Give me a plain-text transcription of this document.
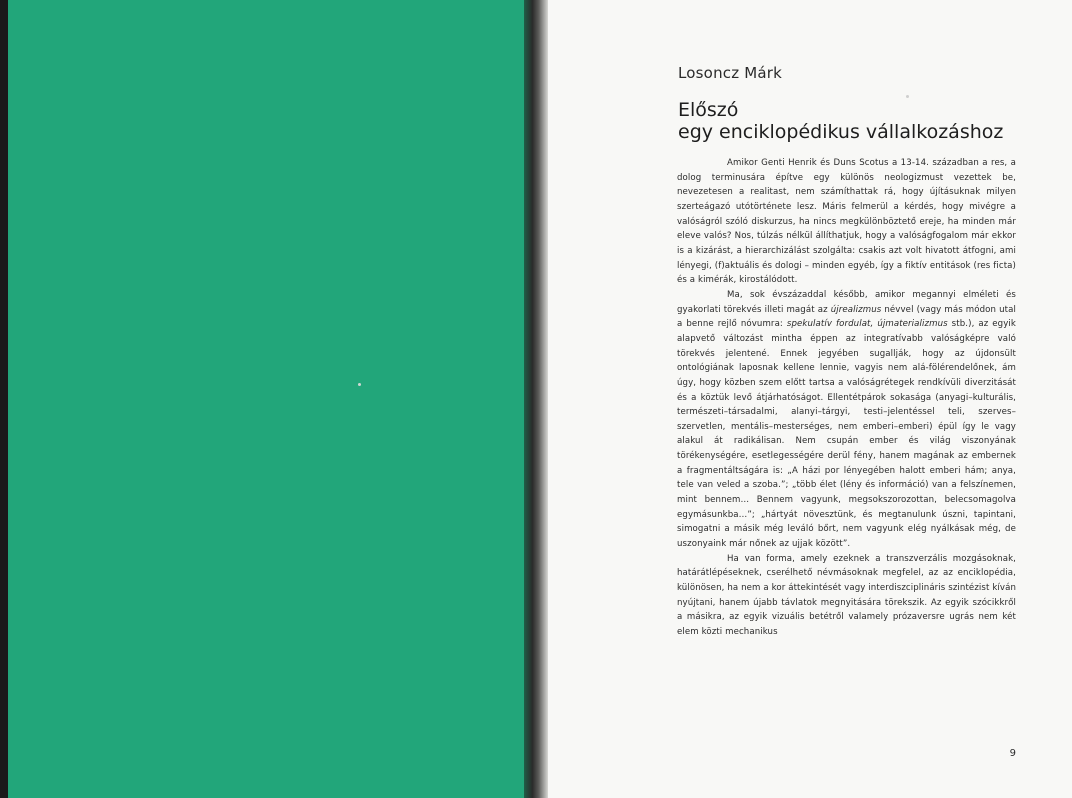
Losoncz Márk
Előszó
egy enciklopédikus vállalkozáshoz

Amikor Genti Henrik és Duns Scotus a 13-14. században a res, a dolog terminusára építve egy különös neologizmust vezettek be, nevezetesen a realitast, nem számíthattak rá, hogy újításuknak milyen szerteágazó utótörténete lesz. Máris felmerül a kérdés, hogy mivégre a valóságról szóló diskurzus, ha nincs megkülönböztető ereje, ha minden már eleve valós? Nos, túlzás nélkül állíthatjuk, hogy a valóságfogalom már ekkor is a kizárást, a hierarchizálást szolgálta: csakis azt volt hivatott átfogni, ami lényegi, (f)aktuális és dologi – minden egyéb, így a fiktív entitások (res ficta) és a kimérák, kirostálódott.

Ma, sok évszázaddal később, amikor megannyi elméleti és gyakorlati törekvés illeti magát az újrealizmus névvel (vagy más módon utal a benne rejlő nóvumra: spekulatív fordulat, újmaterializmus stb.), az egyik alapvető változást mintha éppen az integratívabb valóságképre való törekvés jelentené. Ennek jegyében sugallják, hogy az újdonsült ontológiának laposnak kellene lennie, vagyis nem alá-fölérendelőnek, ám úgy, hogy közben szem előtt tartsa a valóságrétegek rendkívüli diverzitását és a köztük levő átjárhatóságot. Ellentétpárok sokasága (anyagi–kulturális, természeti–társadalmi, alanyi–tárgyi, testi–jelentéssel teli, szerves–szervetlen, mentális–mesterséges, nem emberi–emberi) épül így le vagy alakul át radikálisan. Nem csupán ember és világ viszonyának törékenységére, esetlegességére derül fény, hanem magának az embernek a fragmentáltságára is: „A házi por lényegében halott emberi hám; anya, tele van veled a szoba.”; „több élet (lény és információ) van a felszínemen, mint bennem… Bennem vagyunk, megsokszorozottan, belecsomagolva egymásunkba…”; „hártyát növesztünk, és megtanulunk úszni, tapintani, simogatni a másik még leváló bőrt, nem vagyunk elég nyálkásak még, de uszonyaink már nőnek az ujjak között”.

Ha van forma, amely ezeknek a transzverzális mozgásoknak, határátlépéseknek, cserélhető névmásoknak megfelel, az az enciklopédia, különösen, ha nem a kor áttekintését vagy interdiszciplináris szintézist kíván nyújtani, hanem újabb távlatok megnyitására törekszik. Az egyik szócikkről a másikra, az egyik vizuális betétről valamely prózaversre ugrás nem két elem közti mechanikus

9
